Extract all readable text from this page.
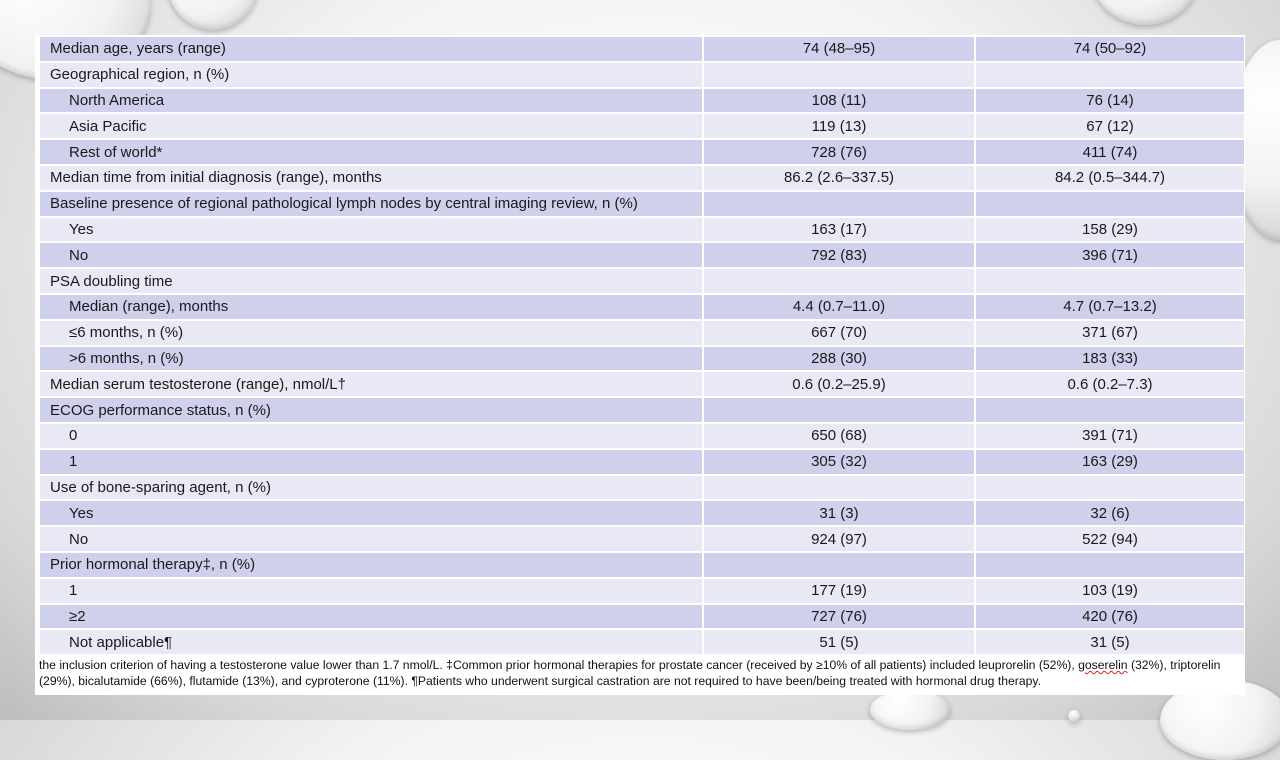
Median age, years (range)	74 (48–95)	74 (50–92)
Geographical region, n (%)		
North America	108 (11)	76 (14)
Asia Pacific	119 (13)	67 (12)
Rest of world*	728 (76)	411 (74)
Median time from initial diagnosis (range), months	86.2 (2.6–337.5)	84.2 (0.5–344.7)
Baseline presence of regional pathological lymph nodes by central imaging review, n (%)		
Yes	163 (17)	158 (29)
No	792 (83)	396 (71)
PSA doubling time		
Median (range), months	4.4 (0.7–11.0)	4.7 (0.7–13.2)
≤6 months, n (%)	667 (70)	371 (67)
>6 months, n (%)	288 (30)	183 (33)
Median serum testosterone (range), nmol/L†	0.6 (0.2–25.9)	0.6 (0.2–7.3)
ECOG performance status, n (%)		
0	650 (68)	391 (71)
1	305 (32)	163 (29)
Use of bone-sparing agent, n (%)		
Yes	31 (3)	32 (6)
No	924 (97)	522 (94)
Prior hormonal therapy‡, n (%)		
1	177 (19)	103 (19)
≥2	727 (76)	420 (76)
Not applicable¶	51 (5)	31 (5)
the inclusion criterion of having a testosterone value lower than 1.7 nmol/L. ‡Common prior hormonal therapies for prostate cancer (received by ≥10% of all patients) included leuprorelin (52%), goserelin (32%), triptorelin (29%), bicalutamide (66%), flutamide (13%), and cyproterone (11%). ¶Patients who underwent surgical castration are not required to have been/being treated with hormonal drug therapy.
